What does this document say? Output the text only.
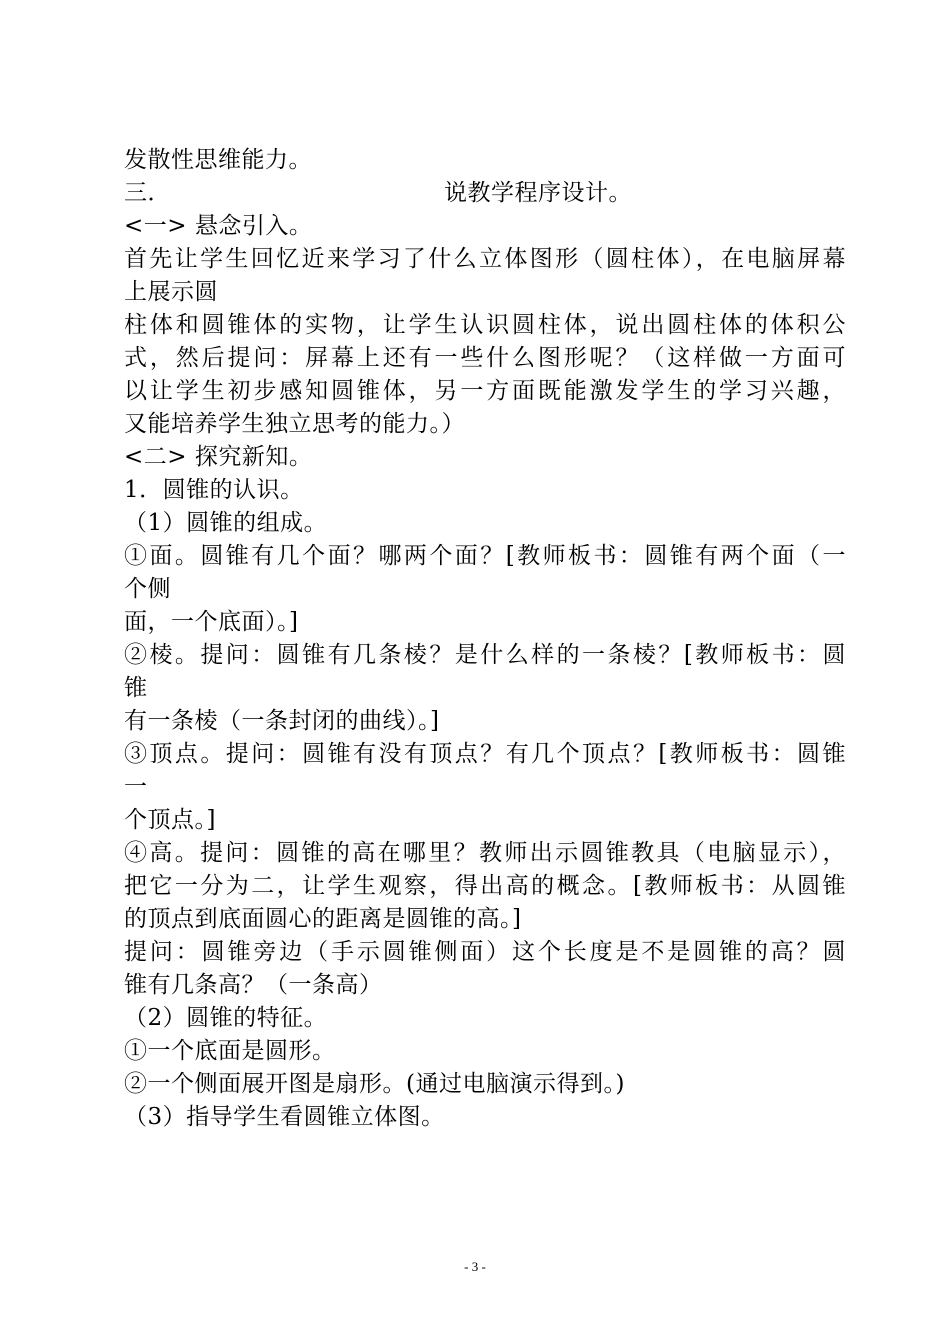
发散性思维能力。
三．	说教学程序设计。
<一> 悬念引入。
首先让学生回忆近来学习了什么立体图形（圆柱体），在电脑屏幕
上展示圆
柱体和圆锥体的实物，让学生认识圆柱体，说出圆柱体的体积公
式，然后提问：屏幕上还有一些什么图形呢？（这样做一方面可
以让学生初步感知圆锥体，另一方面既能激发学生的学习兴趣，
又能培养学生独立思考的能力。）
<二> 探究新知。
1．圆锥的认识。
（1）圆锥的组成。
①面。圆锥有几个面？哪两个面？[教师板书：圆锥有两个面（一
个侧
面，一个底面）。]
②棱。提问：圆锥有几条棱？是什么样的一条棱？[教师板书：圆
锥
有一条棱（一条封闭的曲线）。]
③顶点。提问：圆锥有没有顶点？有几个顶点？[教师板书：圆锥
一
个顶点。]
④高。提问：圆锥的高在哪里？教师出示圆锥教具（电脑显示），
把它一分为二，让学生观察，得出高的概念。[教师板书：从圆锥
的顶点到底面圆心的距离是圆锥的高。]
提问：圆锥旁边（手示圆锥侧面）这个长度是不是圆锥的高？圆
锥有几条高？（一条高）
（2）圆锥的特征。
①一个底面是圆形。
②一个侧面展开图是扇形。(通过电脑演示得到。)
（3）指导学生看圆锥立体图。
- 3 -
